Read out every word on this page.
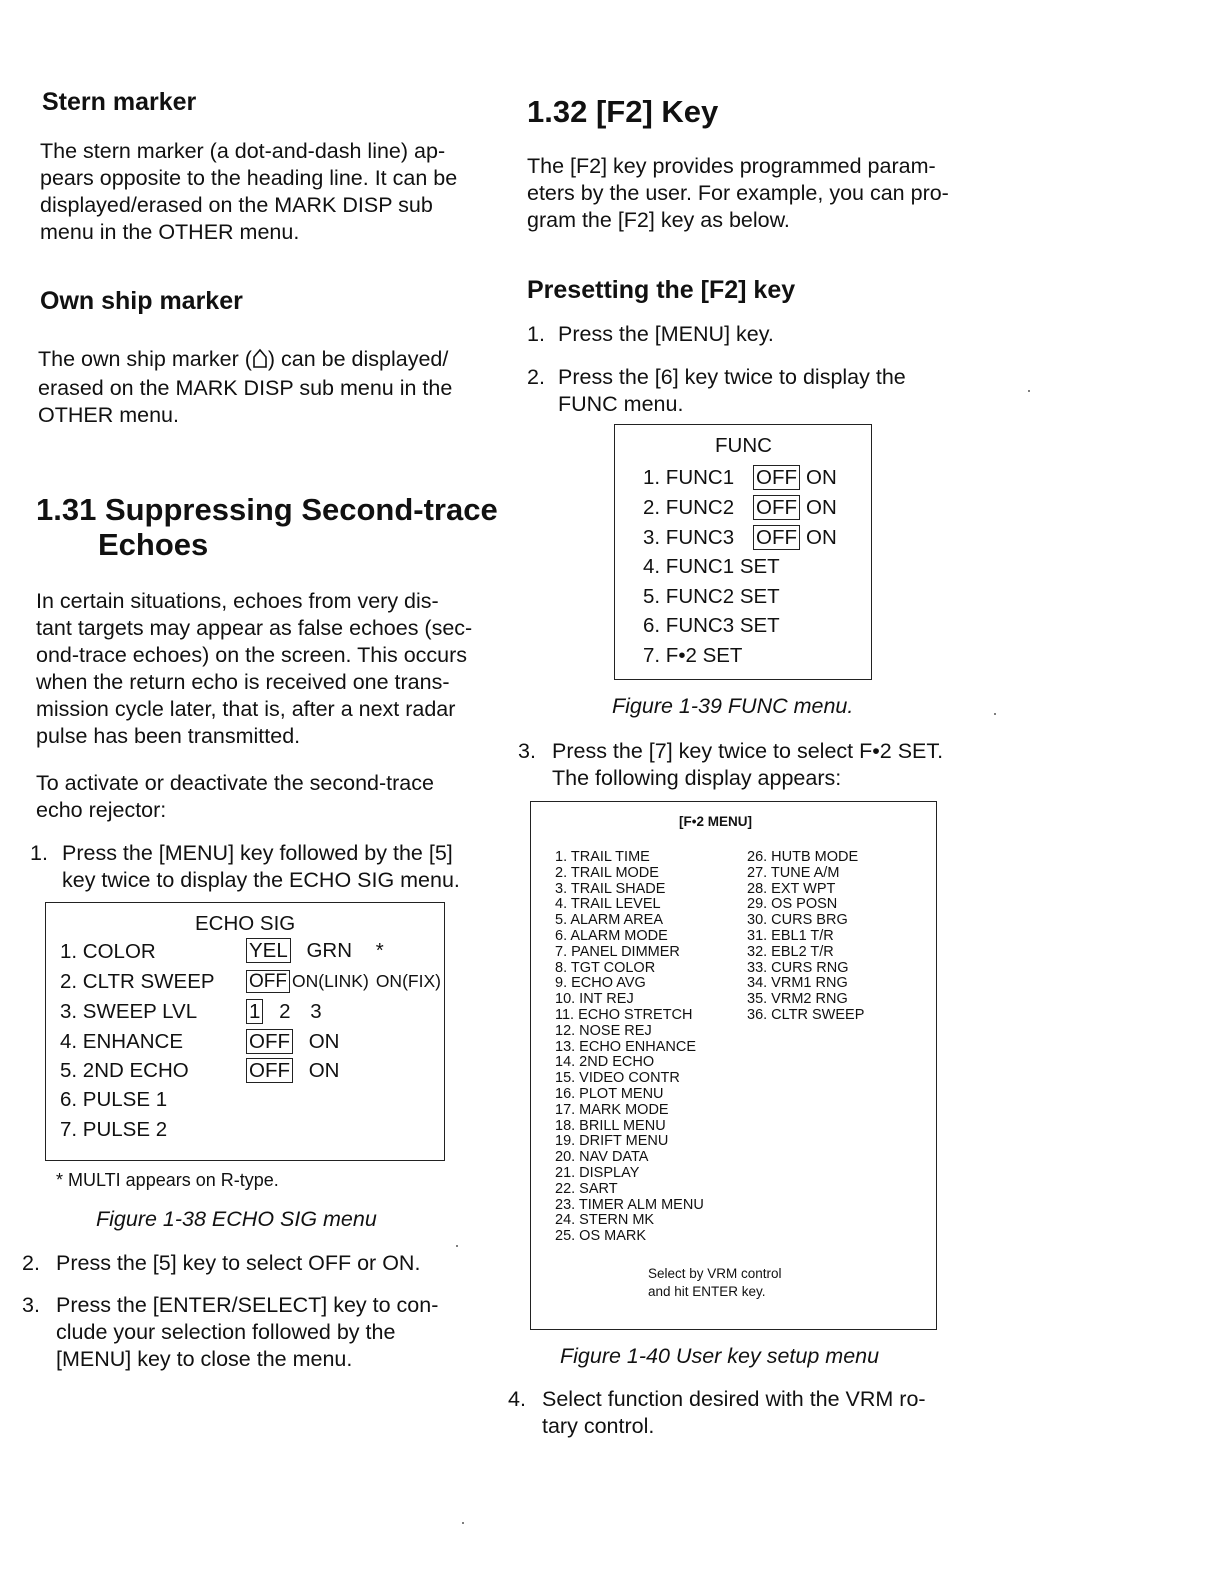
Stern marker
The stern marker (a dot-and-dash line) ap-
pears opposite to the heading line. It can be
displayed/erased on the MARK DISP sub
menu in the OTHER menu.
Own ship marker
The own ship marker ( ) can be displayed/
erased on the MARK DISP sub menu in the
OTHER menu.
1.31 Suppressing Second-trace
Echoes
In certain situations, echoes from very dis-
tant targets may appear as false echoes (sec-
ond-trace echoes) on the screen. This occurs
when the return echo is received one trans-
mission cycle later, that is, after a next radar
pulse has been transmitted.
To activate or deactivate the second-trace
echo rejector:
1. Press the [MENU] key followed by the [5]
key twice to display the ECHO SIG menu.
ECHO SIG
1. COLOR	YEL GRN *
2. CLTR SWEEP OFF ON(LINK) ON(FIX)
3. SWEEP LVL	1 2 3
4. ENHANCE	OFF ON
5. 2ND ECHO	OFF ON
6. PULSE 1
7. PULSE 2
* MULTI appears on R-type.
Figure 1-38 ECHO SIG menu
2. Press the [5] key to select OFF or ON.
3. Press the [ENTER/SELECT] key to con-
clude your selection followed by the
[MENU] key to close the menu.
1.32 [F2] Key
The [F2] key provides programmed param-
eters by the user. For example, you can pro-
gram the [F2] key as below.
Presetting the [F2] key
1. Press the [MENU] key.
2. Press the [6] key twice to display the
FUNC menu.
FUNC
1. FUNC1 OFF ON
2. FUNC2 OFF ON
3. FUNC3 OFF ON
4. FUNC1 SET
5. FUNC2 SET
6. FUNC3 SET
7. F•2 SET
Figure 1-39 FUNC menu.
3. Press the [7] key twice to select F•2 SET.
The following display appears:
[F•2 MENU]
1. TRAIL TIME
2. TRAIL MODE
3. TRAIL SHADE
4. TRAIL LEVEL
5. ALARM AREA
6. ALARM MODE
7. PANEL DIMMER
8. TGT COLOR
9. ECHO AVG
10. INT REJ
11. ECHO STRETCH
12. NOSE REJ
13. ECHO ENHANCE
14. 2ND ECHO
15. VIDEO CONTR
16. PLOT MENU
17. MARK MODE
18. BRILL MENU
19. DRIFT MENU
20. NAV DATA
21. DISPLAY
22. SART
23. TIMER ALM MENU
24. STERN MK
25. OS MARK
26. HUTB MODE
27. TUNE A/M
28. EXT WPT
29. OS POSN
30. CURS BRG
31. EBL1 T/R
32. EBL2 T/R
33. CURS RNG
34. VRM1 RNG
35. VRM2 RNG
36. CLTR SWEEP
Select by VRM control
and hit ENTER key.
Figure 1-40 User key setup menu
4. Select function desired with the VRM ro-
tary control.
